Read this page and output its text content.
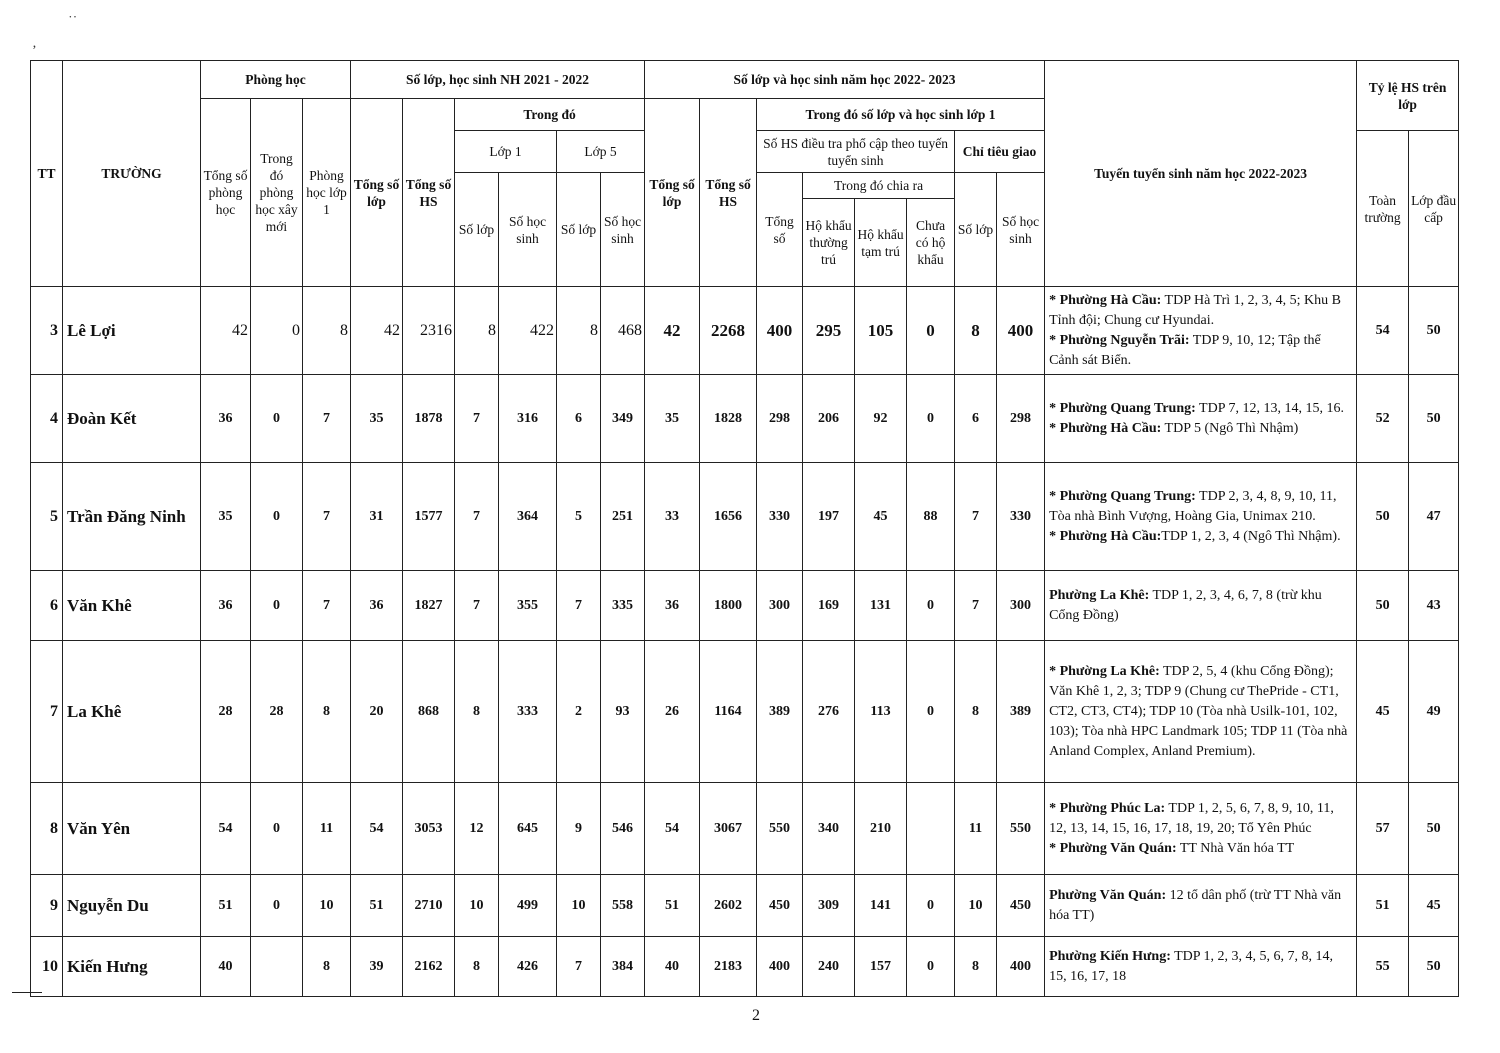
˙˙
‚
TT	TRƯỜNG	Phòng học			Số lớp, học sinh NH 2021 - 2022						Số lớp và học sinh năm học 2022- 2023								Tuyến tuyển sinh năm học 2022-2023	Tỷ lệ HS trên lớp	
		Tổng số phòng học	Trong đó phòng học xây mới	Phòng học lớp 1	Tổng số lớp	Tổng số HS	Trong đó				Tổng số lớp	Tổng số HS	Trong đó số lớp và học sinh lớp 1								
							Lớp 1		Lớp 5				Số HS điều tra phổ cập theo tuyến tuyển sinh				Chỉ tiêu giao			Toàn trường	Lớp đầu cấp
							Số lớp	Số học sinh	Số lớp	Số học sinh			Tổng số	Trong đó chia ra			Số lớp	Số học sinh			
														Hộ khẩu thường trú	Hộ khẩu tạm trú	Chưa có hộ khẩu					
3	Lê Lợi	42	0	8	42	2316	8	422	8	468	42	2268	400	295	105	0	8	400	* Phường Hà Cầu: TDP Hà Trì 1, 2, 3, 4, 5; Khu B Tỉnh đội; Chung cư Hyundai.
* Phường Nguyễn Trãi: TDP 9, 10, 12; Tập thể Cảnh sát Biển.	54	50
4	Đoàn Kết	36	0	7	35	1878	7	316	6	349	35	1828	298	206	92	0	6	298	* Phường Quang Trung: TDP 7, 12, 13, 14, 15, 16.
* Phường Hà Cầu: TDP 5 (Ngô Thì Nhậm)	52	50
5	Trần Đăng Ninh	35	0	7	31	1577	7	364	5	251	33	1656	330	197	45	88	7	330	* Phường Quang Trung: TDP 2, 3, 4, 8, 9, 10, 11, Tòa nhà Bình Vượng, Hoàng Gia, Unimax 210.
* Phường Hà Cầu:TDP 1, 2, 3, 4 (Ngô Thì Nhậm).	50	47
6	Văn Khê	36	0	7	36	1827	7	355	7	335	36	1800	300	169	131	0	7	300	Phường La Khê: TDP 1, 2, 3, 4, 6, 7, 8 (trừ khu Cổng Đồng)	50	43
7	La Khê	28	28	8	20	868	8	333	2	93	26	1164	389	276	113	0	8	389	* Phường La Khê: TDP 2, 5, 4 (khu Cổng Đồng); Văn Khê 1, 2, 3; TDP 9 (Chung cư ThePride - CT1, CT2, CT3, CT4); TDP 10 (Tòa nhà Usilk-101, 102, 103); Tòa nhà HPC Landmark 105; TDP 11 (Tòa nhà Anland Complex, Anland Premium).	45	49
8	Văn Yên	54	0	11	54	3053	12	645	9	546	54	3067	550	340	210		11	550	* Phường Phúc La: TDP 1, 2, 5, 6, 7, 8, 9, 10, 11, 12, 13, 14, 15, 16, 17, 18, 19, 20; Tổ Yên Phúc
* Phường Văn Quán: TT Nhà Văn hóa TT	57	50
9	Nguyễn Du	51	0	10	51	2710	10	499	10	558	51	2602	450	309	141	0	10	450	Phường Văn Quán: 12 tổ dân phố (trừ TT Nhà văn hóa TT)	51	45
10	Kiến Hưng	40		8	39	2162	8	426	7	384	40	2183	400	240	157	0	8	400	Phường Kiến Hưng: TDP 1, 2, 3, 4, 5, 6, 7, 8, 14, 15, 16, 17, 18	55	50
2
